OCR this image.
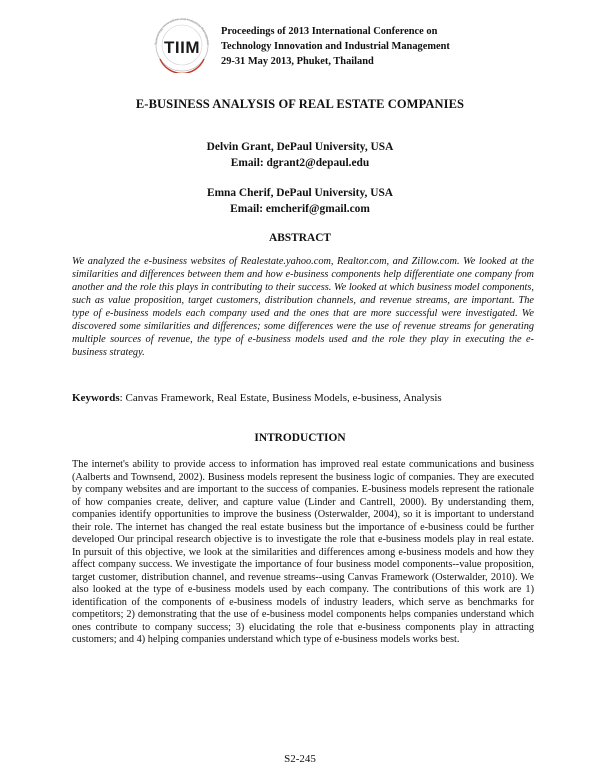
Technology Innovation and Industrial Manageme
TIIM
Proceedings of 2013 International Conference on
Technology Innovation and Industrial Management
29-31 May 2013, Phuket, Thailand
E-BUSINESS ANALYSIS OF REAL ESTATE COMPANIES
Delvin Grant, DePaul University, USA
Email: dgrant2@depaul.edu
Emna Cherif, DePaul University, USA
Email: emcherif@gmail.com
ABSTRACT
We analyzed the e-business websites of Realestate.yahoo.com, Realtor.com, and Zillow.com. We looked at the similarities and differences between them and how e-business components help differentiate one company from another and the role this plays in contributing to their success. We looked at which business model components, such as value proposition, target customers, distribution channels, and revenue streams, are important. The type of e-business models each company used and the ones that are more successful were investigated. We discovered some similarities and differences; some differences were the use of revenue streams for generating multiple sources of revenue, the type of e-business models used and the role they play in executing the e-business strategy.
Keywords: Canvas Framework, Real Estate, Business Models, e-business, Analysis
INTRODUCTION
The internet's ability to provide access to information has improved real estate communications and business (Aalberts and Townsend, 2002). Business models represent the business logic of companies. They are executed by company websites and are important to the success of companies. E-business models represent the rationale of how companies create, deliver, and capture value (Linder and Cantrell, 2000). By understanding them, companies identify opportunities to improve the business (Osterwalder, 2004), so it is important to understand their role. The internet has changed the real estate business but the importance of e-business could be further developed Our principal research objective is to investigate the role that e-business models play in real estate. In pursuit of this objective, we look at the similarities and differences among e-business models and how they affect company success. We investigate the importance of four business model components--value proposition, target customer, distribution channel, and revenue streams--using Canvas Framework (Osterwalder, 2010). We also looked at the type of e-business models used by each company. The contributions of this work are 1) identification of the components of e-business models of industry leaders, which serve as benchmarks for competitors; 2) demonstrating that the use of e-business model components helps companies understand which ones contribute to company success; 3) elucidating the role that e-business components play in attracting customers; and 4) helping companies understand which type of e-business models works best.
S2-245
